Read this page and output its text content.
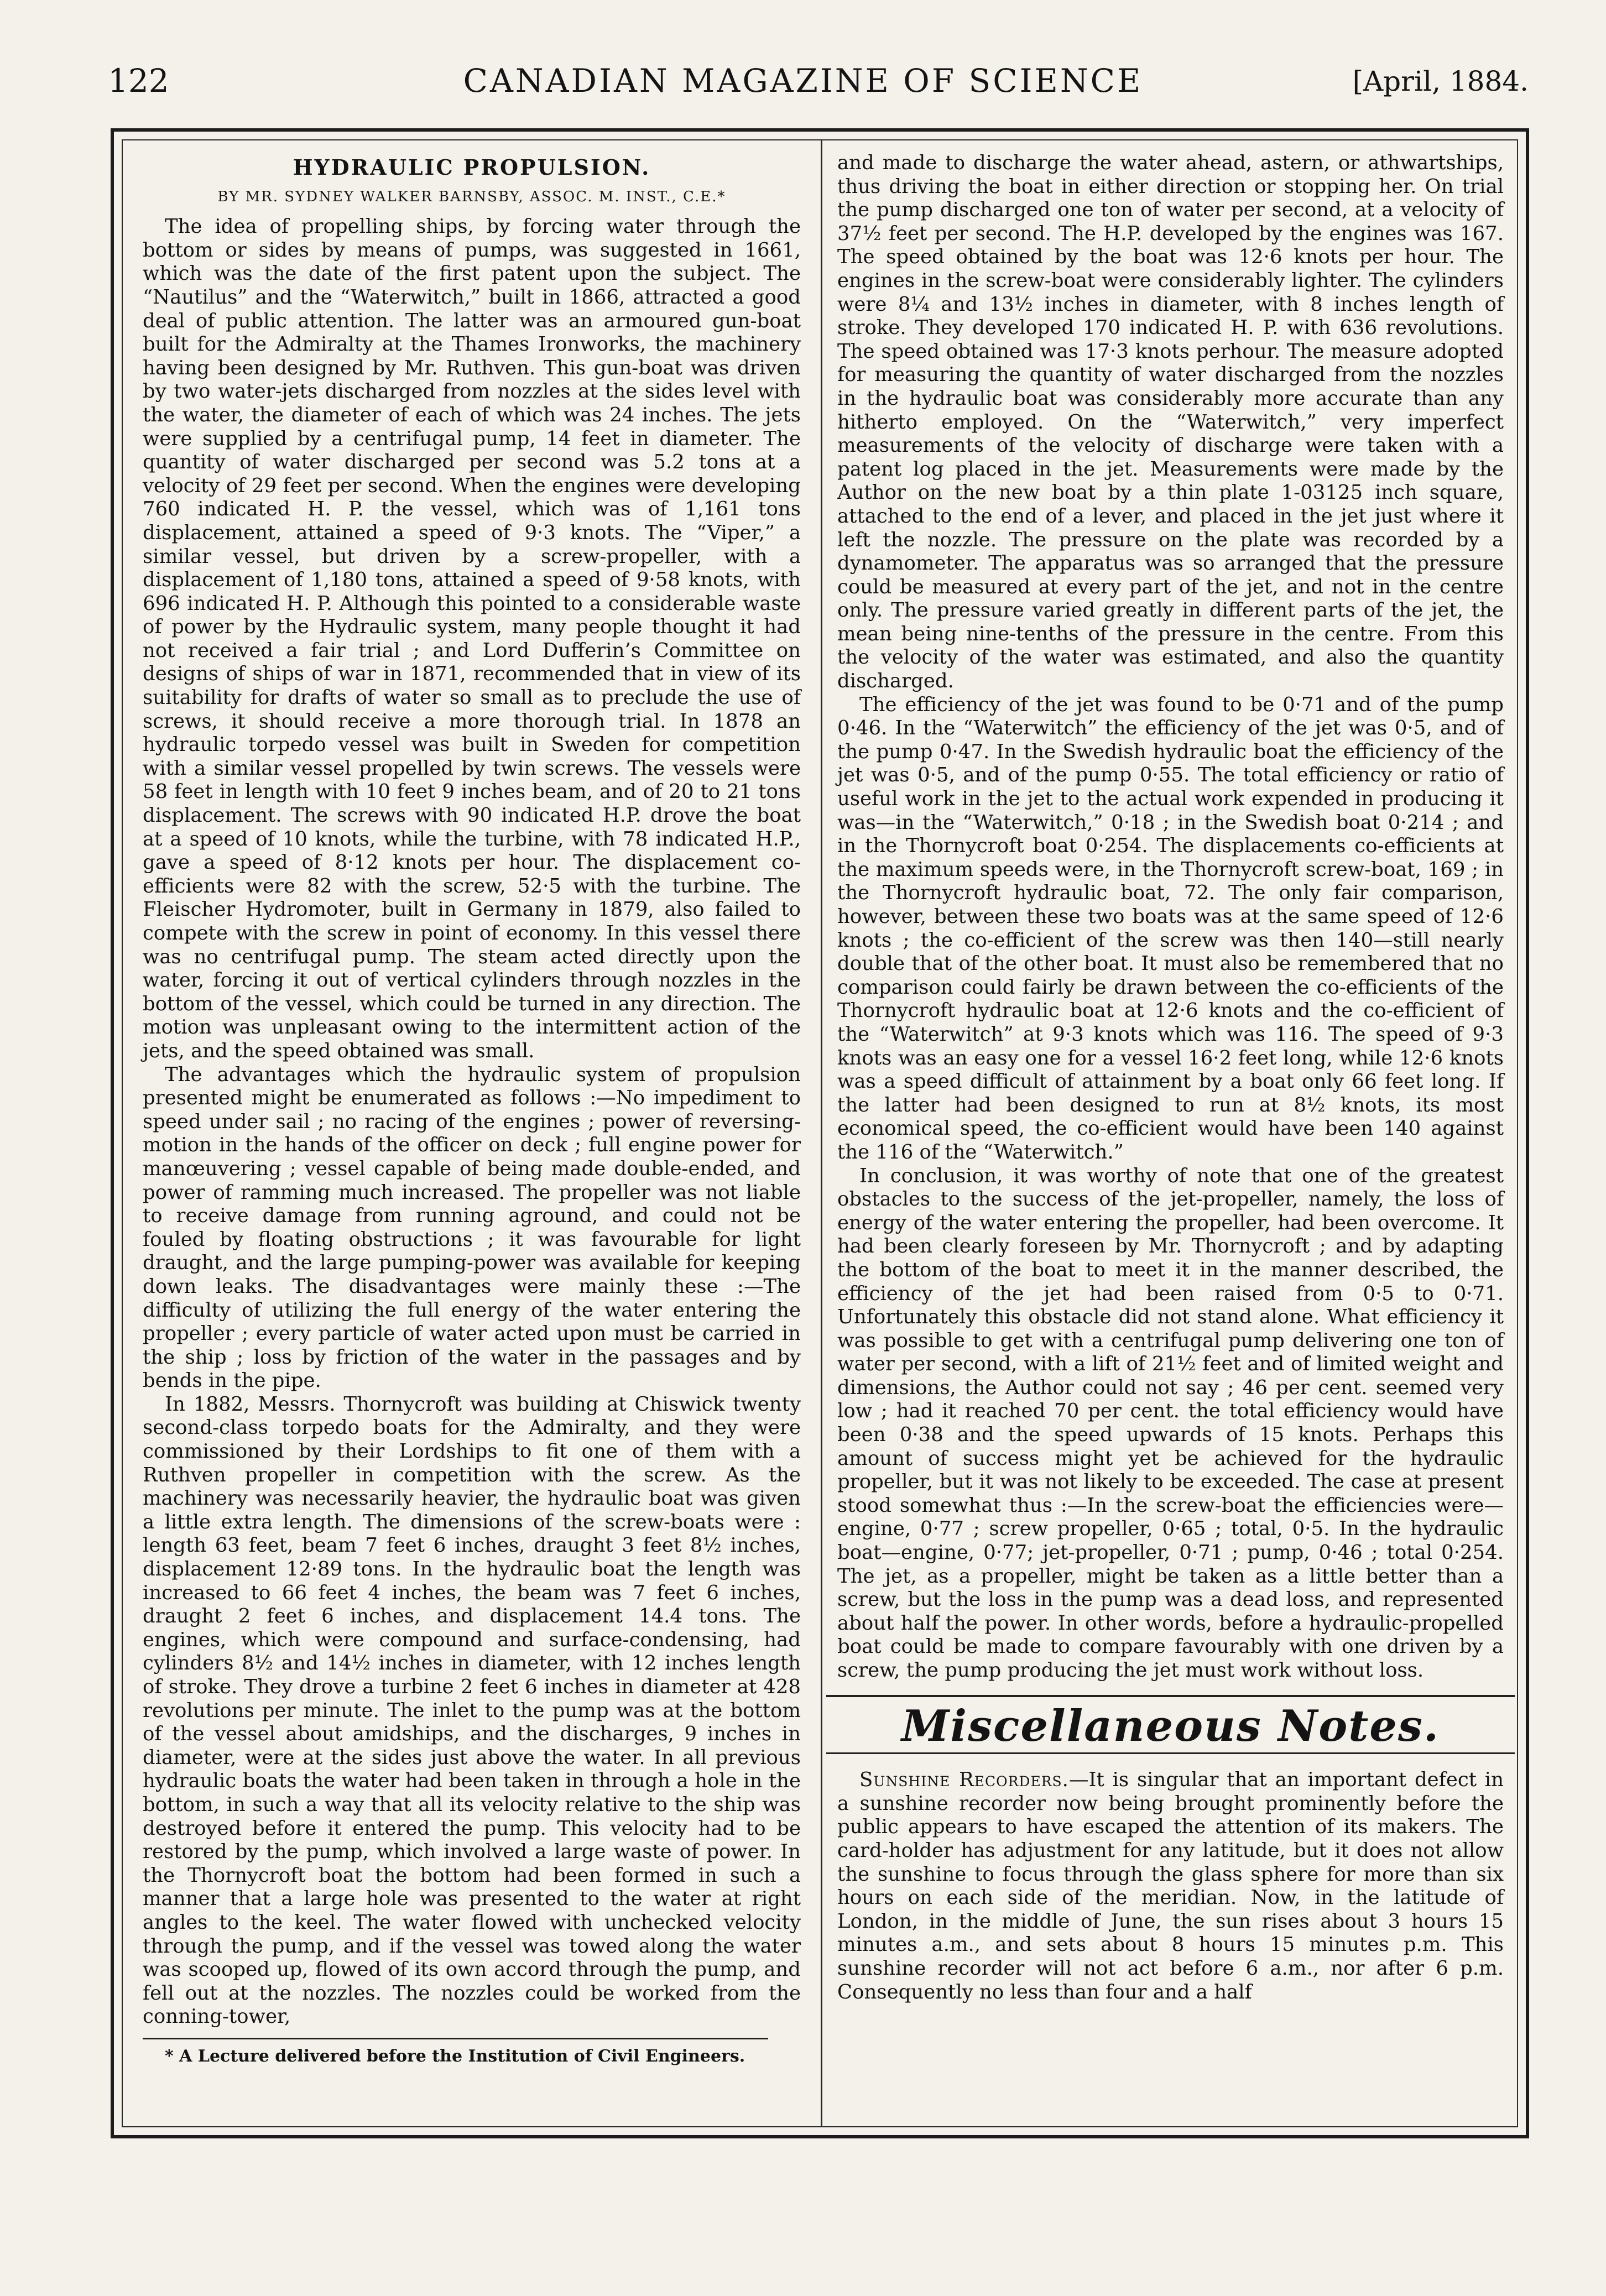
122	CANADIAN MAGAZINE OF SCIENCE	[April, 1884.
HYDRAULIC PROPULSION.
BY MR. SYDNEY WALKER BARNSBY, ASSOC. M. INST., C.E.*

The idea of propelling ships, by forcing water through the bottom or sides by means of pumps, was suggested in 1661, which was the date of the first patent upon the subject. The “Nautilus” and the “Waterwitch,” built in 1866, attracted a good deal of public attention. The latter was an armoured gun-boat built for the Admiralty at the Thames Ironworks, the machinery having been designed by Mr. Ruthven. This gun-boat was driven by two water-jets discharged from nozzles at the sides level with the water, the diameter of each of which was 24 inches. The jets were supplied by a centrifugal pump, 14 feet in diameter. The quantity of water discharged per second was 5.2 tons at a velocity of 29 feet per second. When the engines were developing 760 indicated H. P. the vessel, which was of 1,161 tons displacement, attained a speed of 9·3 knots. The “Viper,” a similar vessel, but driven by a screw-propeller, with a displacement of 1,180 tons, attained a speed of 9·58 knots, with 696 indicated H. P. Although this pointed to a considerable waste of power by the Hydraulic system, many people thought it had not received a fair trial ; and Lord Dufferin’s Committee on designs of ships of war in 1871, recommended that in view of its suitability for drafts of water so small as to preclude the use of screws, it should receive a more thorough trial. In 1878 an hydraulic torpedo vessel was built in Sweden for competition with a similar vessel propelled by twin screws. The vessels were 58 feet in length with 10 feet 9 inches beam, and of 20 to 21 tons displacement. The screws with 90 indicated H.P. drove the boat at a speed of 10 knots, while the turbine, with 78 indicated H.P., gave a speed of 8·12 knots per hour. The displacement co-efficients were 82 with the screw, 52·5 with the turbine. The Fleischer Hydromoter, built in Germany in 1879, also failed to compete with the screw in point of economy. In this vessel there was no centrifugal pump. The steam acted directly upon the water, forcing it out of vertical cylinders through nozzles in the bottom of the vessel, which could be turned in any direction. The motion was unpleasant owing to the intermittent action of the jets, and the speed obtained was small.

The advantages which the hydraulic system of propulsion presented might be enumerated as follows :—No impediment to speed under sail ; no racing of the engines ; power of reversing-motion in the hands of the officer on deck ; full engine power for manœuvering ; vessel capable of being made double-ended, and power of ramming much increased. The propeller was not liable to receive damage from running aground, and could not be fouled by floating obstructions ; it was favourable for light draught, and the large pumping-power was available for keeping down leaks. The disadvantages were mainly these :—The difficulty of utilizing the full energy of the water entering the propeller ; every particle of water acted upon must be carried in the ship ; loss by friction of the water in the passages and by bends in the pipe.

In 1882, Messrs. Thornycroft was building at Chiswick twenty second-class torpedo boats for the Admiralty, and they were commissioned by their Lordships to fit one of them with a Ruthven propeller in competition with the screw. As the machinery was necessarily heavier, the hydraulic boat was given a little extra length. The dimensions of the screw-boats were : length 63 feet, beam 7 feet 6 inches, draught 3 feet 8½ inches, displacement 12·89 tons. In the hydraulic boat the length was increased to 66 feet 4 inches, the beam was 7 feet 6 inches, draught 2 feet 6 inches, and displacement 14.4 tons. The engines, which were compound and surface-condensing, had cylinders 8½ and 14½ inches in diameter, with 12 inches length of stroke. They drove a turbine 2 feet 6 inches in diameter at 428 revolutions per minute. The inlet to the pump was at the bottom of the vessel about amidships, and the discharges, 9 inches in diameter, were at the sides just above the water. In all previous hydraulic boats the water had been taken in through a hole in the bottom, in such a way that all its velocity relative to the ship was destroyed before it entered the pump. This velocity had to be restored by the pump, which involved a large waste of power. In the Thornycroft boat the bottom had been formed in such a manner that a large hole was presented to the water at right angles to the keel. The water flowed with unchecked velocity through the pump, and if the vessel was towed along the water was scooped up, flowed of its own accord through the pump, and fell out at the nozzles. The nozzles could be worked from the conning-tower,

* A Lecture delivered before the Institution of Civil Engineers.

and made to discharge the water ahead, astern, or athwartships, thus driving the boat in either direction or stopping her. On trial the pump discharged one ton of water per second, at a velocity of 37½ feet per second. The H.P. developed by the engines was 167. The speed obtained by the boat was 12·6 knots per hour. The engines in the screw-boat were considerably lighter. The cylinders were 8¼ and 13½ inches in diameter, with 8 inches length of stroke. They developed 170 indicated H. P. with 636 revolutions. The speed obtained was 17·3 knots perhour. The measure adopted for measuring the quantity of water discharged from the nozzles in the hydraulic boat was considerably more accurate than any hitherto employed. On the “Waterwitch,” very imperfect measurements of the velocity of discharge were taken with a patent log placed in the jet. Measurements were made by the Author on the new boat by a thin plate 1-03125 inch square, attached to the end of a lever, and placed in the jet just where it left the nozzle. The pressure on the plate was recorded by a dynamometer. The apparatus was so arranged that the pressure could be measured at every part of the jet, and not in the centre only. The pressure varied greatly in different parts of the jet, the mean being nine-tenths of the pressure in the centre. From this the velocity of the water was estimated, and also the quantity discharged.

The efficiency of the jet was found to be 0·71 and of the pump 0·46. In the “Waterwitch” the efficiency of the jet was 0·5, and of the pump 0·47. In the Swedish hydraulic boat the efficiency of the jet was 0·5, and of the pump 0·55. The total efficiency or ratio of useful work in the jet to the actual work expended in producing it was—in the “Waterwitch,” 0·18 ; in the Swedish boat 0·214 ; and in the Thornycroft boat 0·254. The displacements co-efficients at the maximum speeds were, in the Thornycroft screw-boat, 169 ; in the Thornycroft hydraulic boat, 72. The only fair comparison, however, between these two boats was at the same speed of 12·6 knots ; the co-efficient of the screw was then 140—still nearly double that of the other boat. It must also be remembered that no comparison could fairly be drawn between the co-efficients of the Thornycroft hydraulic boat at 12·6 knots and the co-efficient of the “Waterwitch” at 9·3 knots which was 116. The speed of 9·3 knots was an easy one for a vessel 16·2 feet long, while 12·6 knots was a speed difficult of attainment by a boat only 66 feet long. If the latter had been designed to run at 8½ knots, its most economical speed, the co-efficient would have been 140 against the 116 of the “Waterwitch.”

In conclusion, it was worthy of note that one of the greatest obstacles to the success of the jet-propeller, namely, the loss of energy of the water entering the propeller, had been overcome. It had been clearly foreseen by Mr. Thornycroft ; and by adapting the bottom of the boat to meet it in the manner described, the efficiency of the jet had been raised from 0·5 to 0·71. Unfortunately this obstacle did not stand alone. What efficiency it was possible to get with a centrifugal pump delivering one ton of water per second, with a lift of 21½ feet and of limited weight and dimensions, the Author could not say ; 46 per cent. seemed very low ; had it reached 70 per cent. the total efficiency would have been 0·38 and the speed upwards of 15 knots. Perhaps this amount of success might yet be achieved for the hydraulic propeller, but it was not likely to be exceeded. The case at present stood somewhat thus :—In the screw-boat the efficiencies were—engine, 0·77 ; screw propeller, 0·65 ; total, 0·5. In the hydraulic boat—engine, 0·77; jet-propeller, 0·71 ; pump, 0·46 ; total 0·254. The jet, as a propeller, might be taken as a little better than a screw, but the loss in the pump was a dead loss, and represented about half the power. In other words, before a hydraulic-propelled boat could be made to compare favourably with one driven by a screw, the pump producing the jet must work without loss.

Miscellaneous Notes.

Sunshine Recorders.—It is singular that an important defect in a sunshine recorder now being brought prominently before the public appears to have escaped the attention of its makers. The card-holder has adjustment for any latitude, but it does not allow the sunshine to focus through the glass sphere for more than six hours on each side of the meridian. Now, in the latitude of London, in the middle of June, the sun rises about 3 hours 15 minutes a.m., and sets about 8 hours 15 minutes p.m. This sunshine recorder will not act before 6 a.m., nor after 6 p.m. Consequently no less than four and a half
